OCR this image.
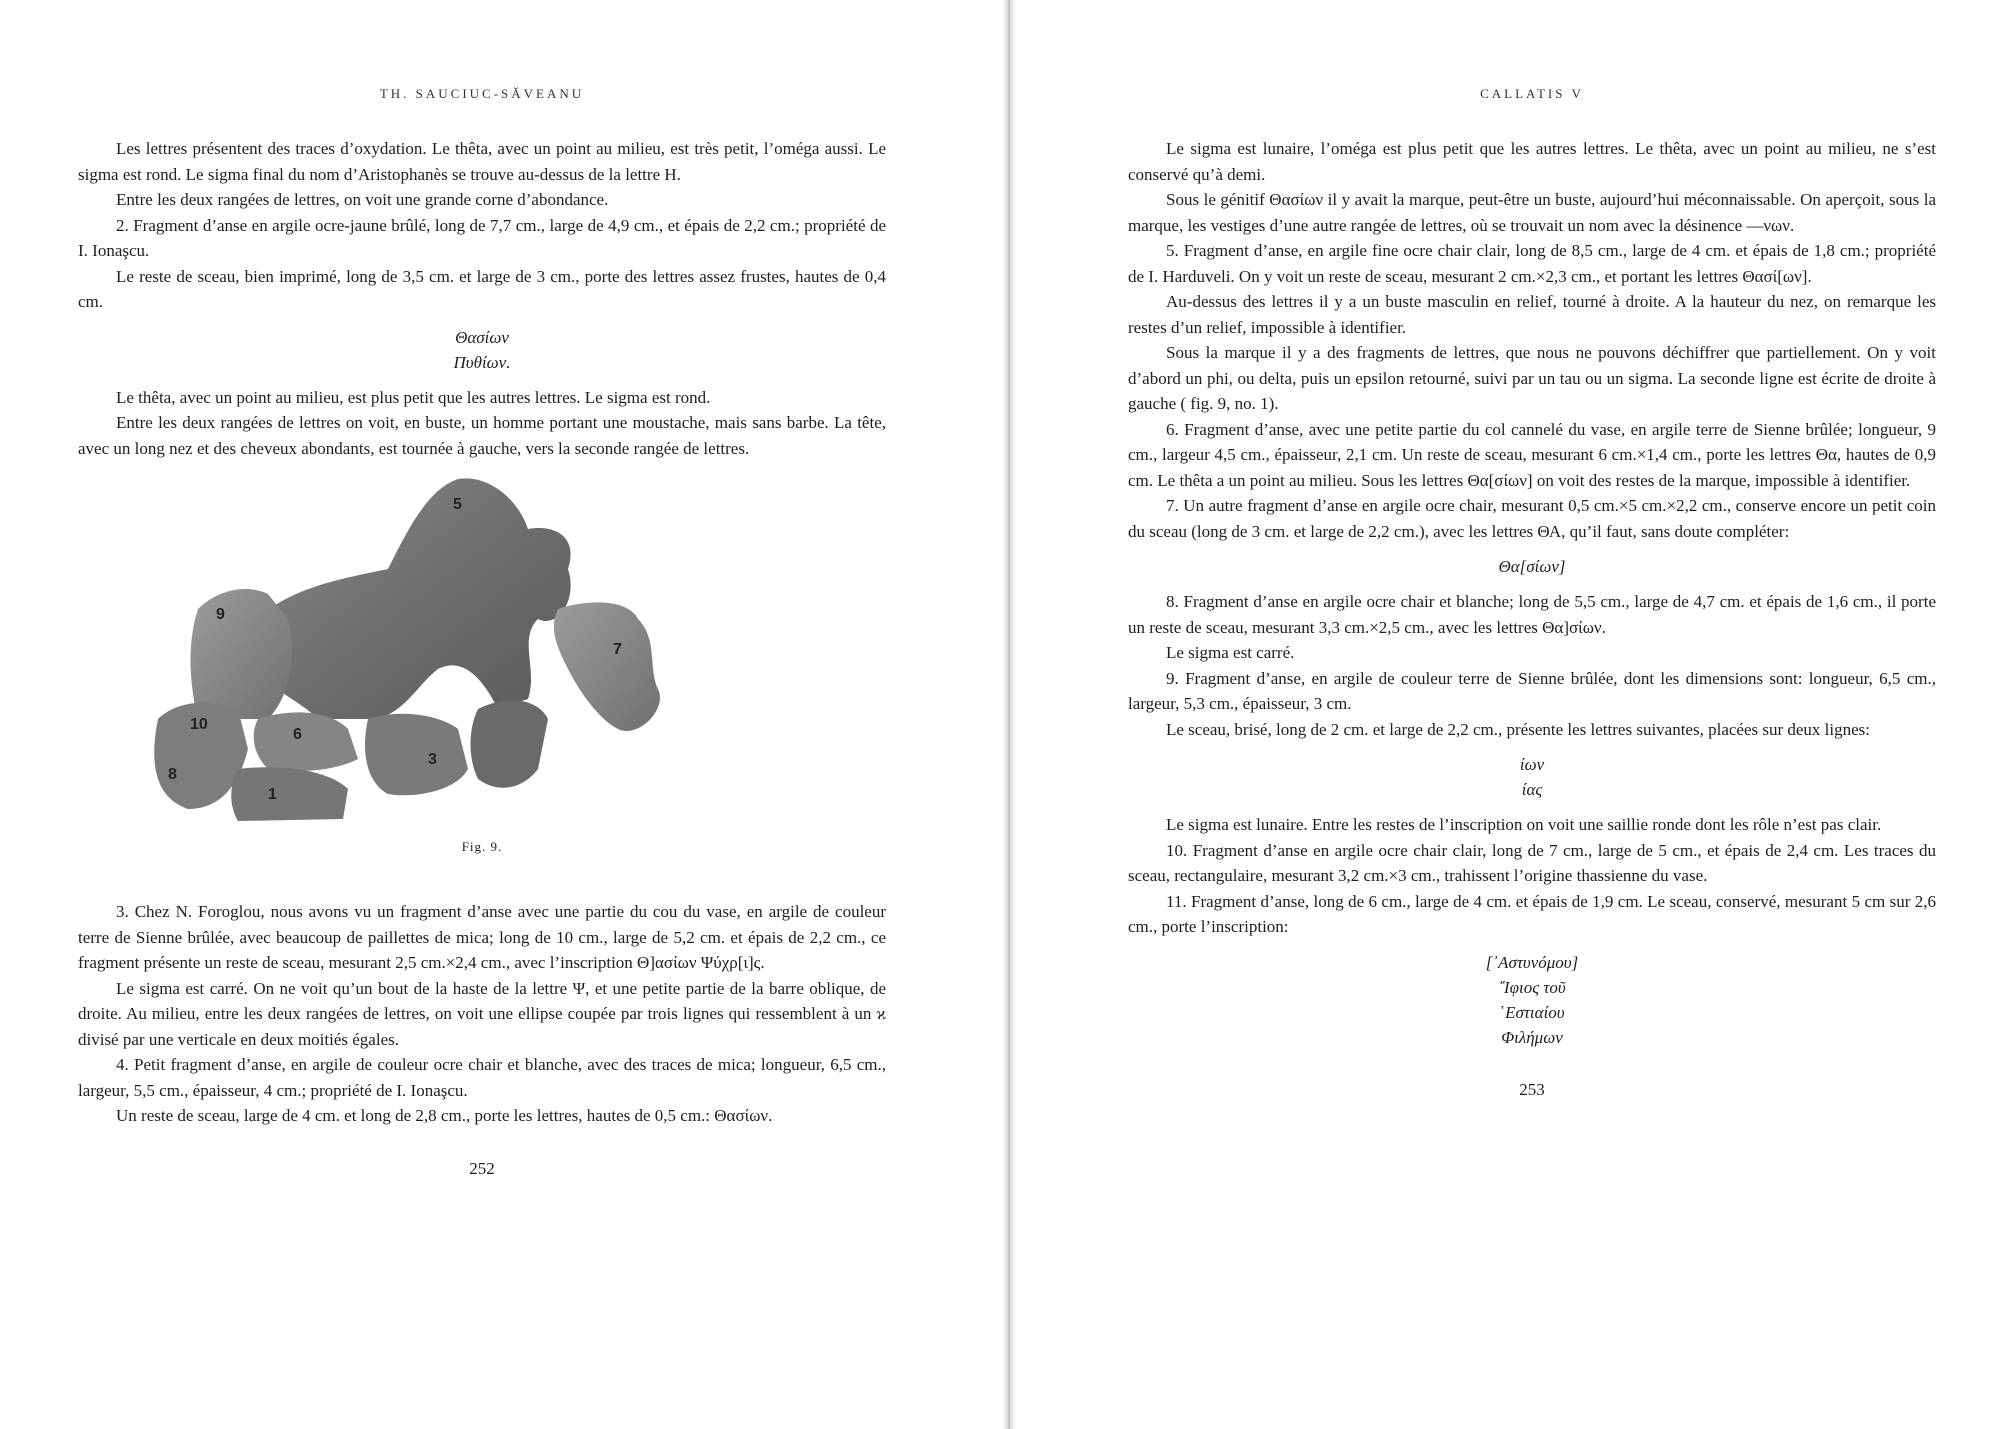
TH. SAUCIUC-SĂVEANU

Les lettres présentent des traces d’oxydation. Le thêta, avec un point au milieu, est très petit, l’oméga aussi. Le sigma est rond. Le sigma final du nom d’Aristophanès se trouve au-dessus de la lettre H.

Entre les deux rangées de lettres, on voit une grande corne d’abondance.

2. Fragment d’anse en argile ocre-jaune brûlé, long de 7,7 cm., large de 4,9 cm., et épais de 2,2 cm.; propriété de I. Ionaşcu.

Le reste de sceau, bien imprimé, long de 3,5 cm. et large de 3 cm., porte des lettres assez frustes, hautes de 0,4 cm.

Θασίων
Πυθίων.

Le thêta, avec un point au milieu, est plus petit que les autres lettres. Le sigma est rond.

Entre les deux rangées de lettres on voit, en buste, un homme portant une moustache, mais sans barbe. La tête, avec un long nez et des cheveux abondants, est tournée à gauche, vers la seconde rangée de lettres.

5
9
7
10
6
3
8
1
Fig. 9.

3. Chez N. Foroglou, nous avons vu un fragment d’anse avec une partie du cou du vase, en argile de couleur terre de Sienne brûlée, avec beaucoup de paillettes de mica; long de 10 cm., large de 5,2 cm. et épais de 2,2 cm., ce fragment présente un reste de sceau, mesurant 2,5 cm.×2,4 cm., avec l’inscription Θ]ασίων Ψύχρ[ι]ς.

Le sigma est carré. On ne voit qu’un bout de la haste de la lettre Ψ, et une petite partie de la barre oblique, de droite. Au milieu, entre les deux rangées de lettres, on voit une ellipse coupée par trois lignes qui ressemblent à un ϰ divisé par une verticale en deux moitiés égales.

4. Petit fragment d’anse, en argile de couleur ocre chair et blanche, avec des traces de mica; longueur, 6,5 cm., largeur, 5,5 cm., épaisseur, 4 cm.; propriété de I. Ionaşcu.

Un reste de sceau, large de 4 cm. et long de 2,8 cm., porte les lettres, hautes de 0,5 cm.: Θασίων.

252
CALLATIS V

Le sigma est lunaire, l’oméga est plus petit que les autres lettres. Le thêta, avec un point au milieu, ne s’est conservé qu’à demi.

Sous le génitif Θασίων il y avait la marque, peut-être un buste, aujourd’hui méconnaissable. On aperçoit, sous la marque, les vestiges d’une autre rangée de lettres, où se trouvait un nom avec la désinence —νων.

5. Fragment d’anse, en argile fine ocre chair clair, long de 8,5 cm., large de 4 cm. et épais de 1,8 cm.; propriété de I. Harduveli. On y voit un reste de sceau, mesurant 2 cm.×2,3 cm., et portant les lettres Θασί[ων].

Au-dessus des lettres il y a un buste masculin en relief, tourné à droite. A la hauteur du nez, on remarque les restes d’un relief, impossible à identifier.

Sous la marque il y a des fragments de lettres, que nous ne pouvons déchiffrer que partiellement. On y voit d’abord un phi, ou delta, puis un epsilon retourné, suivi par un tau ou un sigma. La seconde ligne est écrite de droite à gauche ( fig. 9, no. 1).

6. Fragment d’anse, avec une petite partie du col cannelé du vase, en argile terre de Sienne brûlée; longueur, 9 cm., largeur 4,5 cm., épaisseur, 2,1 cm. Un reste de sceau, mesurant 6 cm.×1,4 cm., porte les lettres Θα, hautes de 0,9 cm. Le thêta a un point au milieu. Sous les lettres Θα[σίων] on voit des restes de la marque, impossible à identifier.

7. Un autre fragment d’anse en argile ocre chair, mesurant 0,5 cm.×5 cm.×2,2 cm., conserve encore un petit coin du sceau (long de 3 cm. et large de 2,2 cm.), avec les lettres ΘΑ, qu’il faut, sans doute compléter:

Θα[σίων]

8. Fragment d’anse en argile ocre chair et blanche; long de 5,5 cm., large de 4,7 cm. et épais de 1,6 cm., il porte un reste de sceau, mesurant 3,3 cm.×2,5 cm., avec les lettres Θα]σίων.

Le sigma est carré.

9. Fragment d’anse, en argile de couleur terre de Sienne brûlée, dont les dimensions sont: longueur, 6,5 cm., largeur, 5,3 cm., épaisseur, 3 cm.

Le sceau, brisé, long de 2 cm. et large de 2,2 cm., présente les lettres suivantes, placées sur deux lignes:

ίων
ίας

Le sigma est lunaire. Entre les restes de l’inscription on voit une saillie ronde dont les rôle n’est pas clair.

10. Fragment d’anse en argile ocre chair clair, long de 7 cm., large de 5 cm., et épais de 2,4 cm. Les traces du sceau, rectangulaire, mesurant 3,2 cm.×3 cm., trahissent l’origine thassienne du vase.

11. Fragment d’anse, long de 6 cm., large de 4 cm. et épais de 1,9 cm. Le sceau, conservé, mesurant 5 cm sur 2,6 cm., porte l’inscription:

[᾿Αστυνόμου]
῎Ιφιος τοῦ
῾Εστιαίου
Φιλήμων
253
